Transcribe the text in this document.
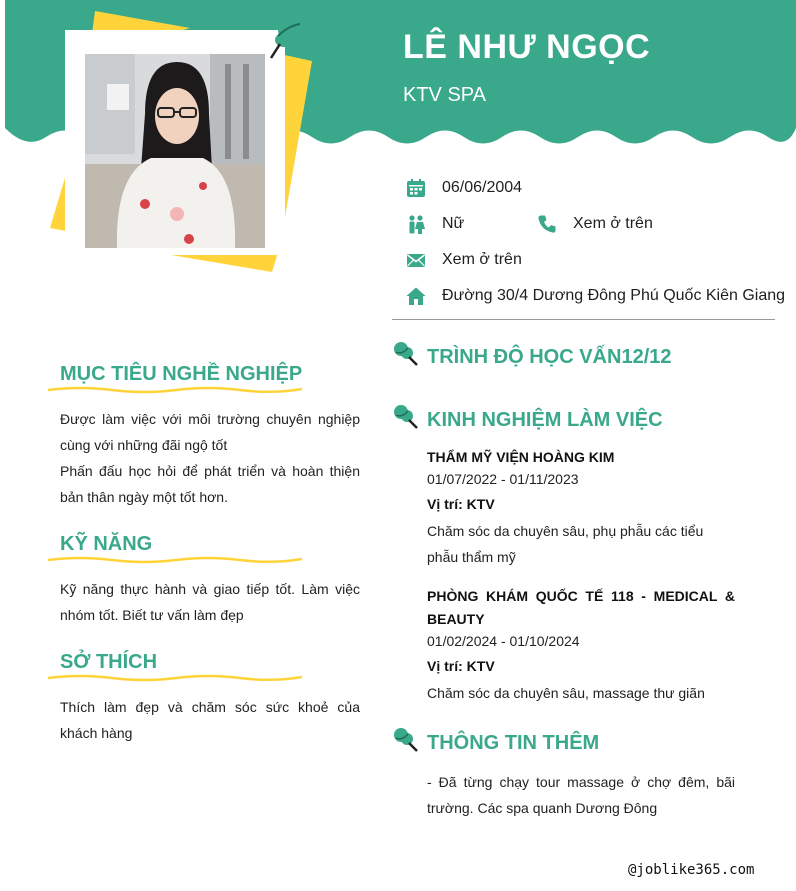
LÊ NHƯ NGỌC
KTV SPA
06/06/2004
Nữ	Xem ở trên
Xem ở trên
Đường 30/4 Dương Đông Phú Quốc Kiên Giang
MỤC TIÊU NGHỀ NGHIỆP
Được làm việc với môi trường chuyên nghiệp cùng với những đãi ngộ tốt
Phấn đấu học hỏi để phát triển và hoàn thiện bản thân ngày một tốt hơn.
KỸ NĂNG
Kỹ năng thực hành và giao tiếp tốt. Làm việc nhóm tốt. Biết tư vấn làm đẹp
SỞ THÍCH
Thích làm đẹp và chăm sóc sức khoẻ của khách hàng
TRÌNH ĐỘ HỌC VẤN12/12
KINH NGHIỆM LÀM VIỆC
THẨM MỸ VIỆN HOÀNG KIM
01/07/2022 - 01/11/2023
Vị trí: KTV
Chăm sóc da chuyên sâu, phụ phẫu các tiểu phẫu thẩm mỹ
PHÒNG KHÁM QUỐC TẾ 118 - MEDICAL & BEAUTY
01/02/2024 - 01/10/2024
Vị trí: KTV
Chăm sóc da chuyên sâu, massage thư giãn
THÔNG TIN THÊM
- Đã từng chạy tour massage ở chợ đêm, bãi trường. Các spa quanh Dương Đông
@joblike365.com
